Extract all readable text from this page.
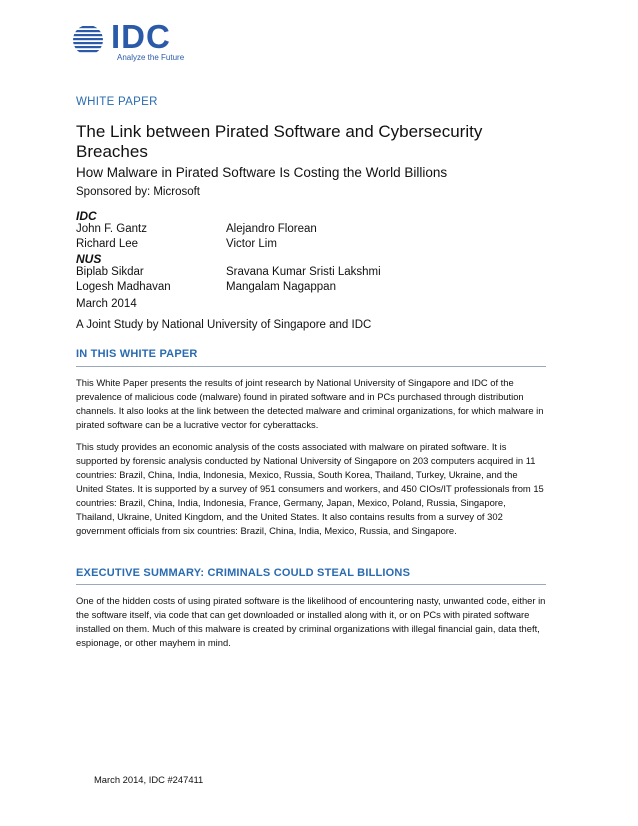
IDC
Analyze the Future
WHITE PAPER
The Link between Pirated Software and Cybersecurity Breaches
How Malware in Pirated Software Is Costing the World Billions
Sponsored by: Microsoft
IDC
John F. Gantz
Richard Lee
Alejandro Florean
Victor Lim
NUS
Biplab Sikdar
Logesh Madhavan
Sravana Kumar Sristi Lakshmi
Mangalam Nagappan
March 2014
A Joint Study by National University of Singapore and IDC
IN THIS WHITE PAPER
This White Paper presents the results of joint research by National University of Singapore and IDC of the prevalence of malicious code (malware) found in pirated software and in PCs purchased through distribution channels. It also looks at the link between the detected malware and criminal organizations, for which malware in pirated software can be a lucrative vector for cyberattacks.
This study provides an economic analysis of the costs associated with malware on pirated software. It is supported by forensic analysis conducted by National University of Singapore on 203 computers acquired in 11 countries: Brazil, China, India, Indonesia, Mexico, Russia, South Korea, Thailand, Turkey, Ukraine, and the United States. It is supported by a survey of 951 consumers and workers, and 450 CIOs/IT professionals from 15 countries: Brazil, China, India, Indonesia, France, Germany, Japan, Mexico, Poland, Russia, Singapore, Thailand, Ukraine, United Kingdom, and the United States. It also contains results from a survey of 302 government officials from six countries: Brazil, China, India, Mexico, Russia, and Singapore.
EXECUTIVE SUMMARY: CRIMINALS COULD STEAL BILLIONS
One of the hidden costs of using pirated software is the likelihood of encountering nasty, unwanted code, either in the software itself, via code that can get downloaded or installed along with it, or on PCs with pirated software installed on them. Much of this malware is created by criminal organizations with illegal financial gain, data theft, espionage, or other mayhem in mind.
March 2014, IDC #247411
